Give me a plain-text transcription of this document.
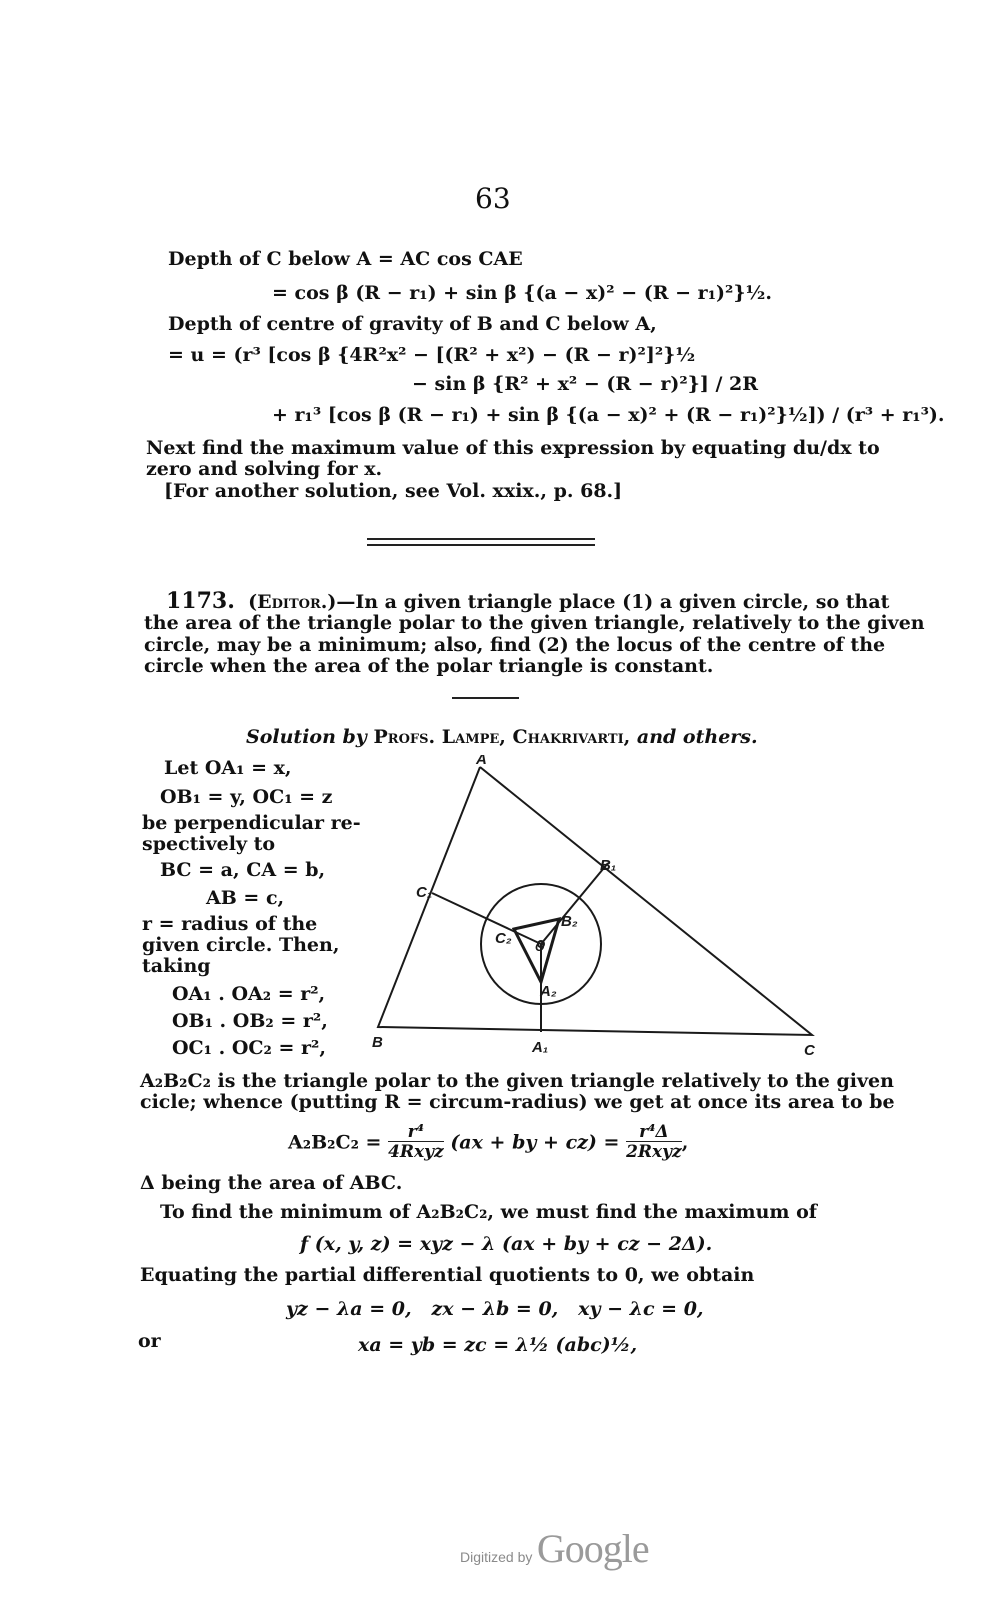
63
Depth of C below A = AC cos CAE
= cos β (R − r₁) + sin β {(a − x)² − (R − r₁)²}½.
Depth of centre of gravity of B and C below A,
= u = (r³ [cos β {4R²x² − [(R² + x²) − (R − r)²]²}½
− sin β {R² + x² − (R − r)²}] / 2R
+ r₁³ [cos β (R − r₁) + sin β {(a − x)² + (R − r₁)²}½]) / (r³ + r₁³).
Next find the maximum value of this expression by equating du/dx to
zero and solving for x.
[For another solution, see Vol. xxix., p. 68.]
1173. (Editor.)—In a given triangle place (1) a given circle, so that
the area of the triangle polar to the given triangle, relatively to the given
circle, may be a minimum; also, find (2) the locus of the centre of the
circle when the area of the polar triangle is constant.
Solution by Profs. Lampe, Chakrivarti, and others.
Let OA₁ = x,
OB₁ = y, OC₁ = z
be perpendicular re-
spectively to
BC = a, CA = b,
AB = c,
r = radius of the
given circle. Then,
taking
OA₁ . OA₂ = r²,
OB₁ . OB₂ = r²,
OC₁ . OC₂ = r²,
A
B	C
A₁
B₁
C₁
A₂
B₂
C₂ O
A₂B₂C₂ is the triangle polar to the given triangle relatively to the given
cicle; whence (putting R = circum-radius) we get at once its area to be
$A_2B_2C_2 = \frac{\text{r⁴}}{\text{4Rxyz}} (ax$ + by + $cz) = \frac{\text{r⁴Δ}}{\text{2Rxyz}}$ ,
Δ being the area of ABC.
To find the minimum of A₂B₂C₂, we must find the maximum of
f (x, y, z) = xyz − λ (ax + by + cz − 2Δ).
Equating the partial differential quotients to 0, we obtain
yz − λa = 0,   zx − λb = 0,   xy − λc = 0,
or	xa = yb = zc = λ½ (abc)½,
Digitized by Google
